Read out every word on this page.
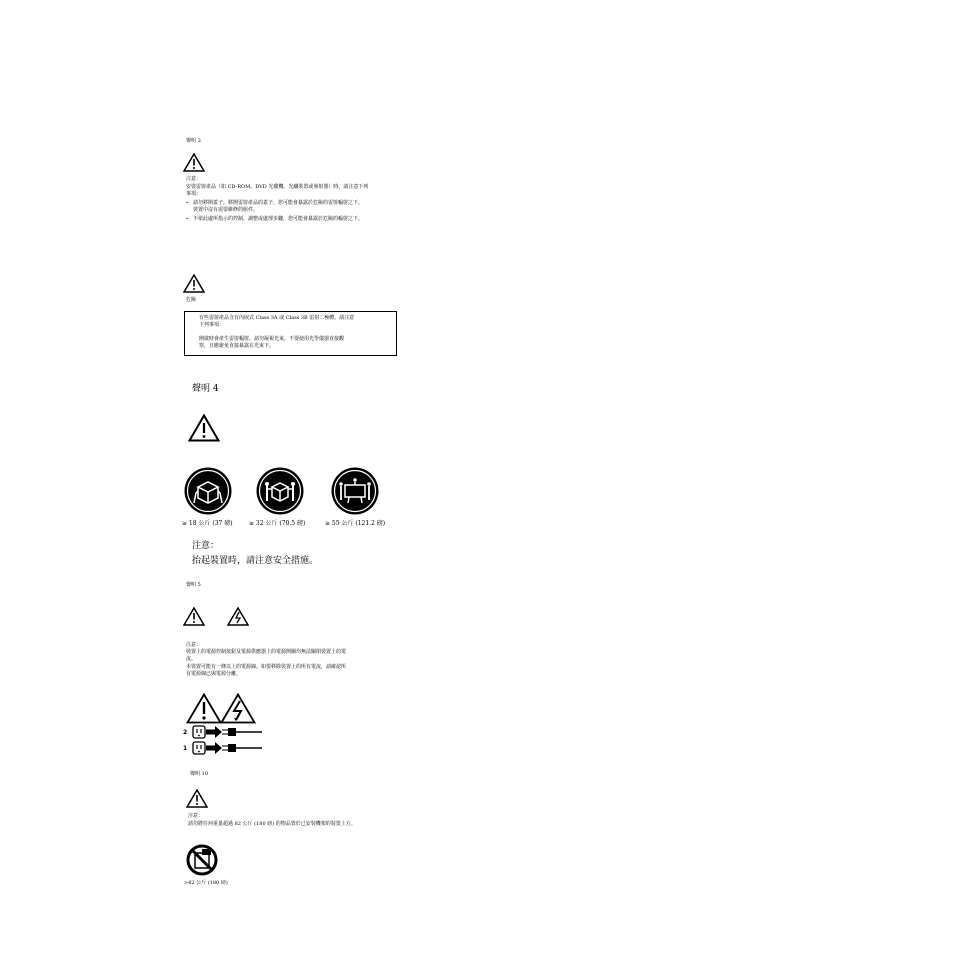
聲明 3
注意：
安裝雷射產品（如 CD-ROM、DVD 光碟機、光纖裝置或發射器）時，請注意下列
事項：
– 請勿移開蓋子。移開雷射產品的蓋子，您可能會暴露於危險的雷射輻射之下。
裝置中沒有需要維修的組件。
– 不依此處所指示的控制、調整或處理步驟，您可能會暴露於危險的輻射之下。
危險
有些雷射產品含有內嵌式 Class 3A 或 Class 3B 雷射二極體。請注意
下列事項：
開啟時會產生雷射輻射。請勿凝視光束，不要使用光學儀器直接觀
察，且應避免直接暴露在光束下。
聲明 4
≥ 18 公斤 (37 磅)	≥ 32 公斤 (70.5 磅)	≥ 55 公斤 (121.2 磅)
注意：
抬起裝置時，請注意安全措施。
聲明 5
注意：
裝置上的電源控制按鈕及電源供應器上的電源開關均無法關閉裝置上的電
流。
本裝置可能有一條以上的電源線。如要移除裝置上的所有電流，請確認所
有電源線已與電源分離。
2
1
聲明 10
注意：
請勿將任何重量超過 82 公斤 (180 磅) 的物品置於已安裝機架的裝置上方。
>82 公斤 (180 磅)
